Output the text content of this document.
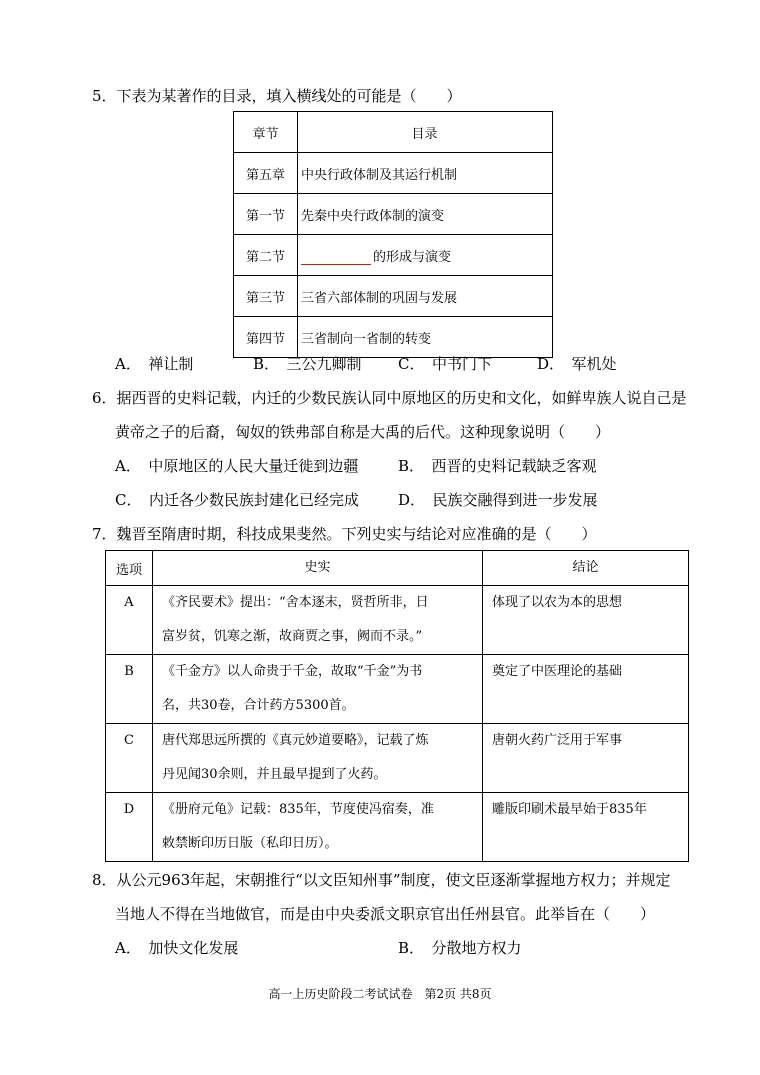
5．下表为某著作的目录，填入横线处的可能是（　　）
章节	目录
第五章	中央行政体制及其运行机制
第一节	先秦中央行政体制的演变
第二节	的形成与演变
第三节	三省六部体制的巩固与发展
第四节	三省制向一省制的转变
A．　禅让制	B．　三公九卿制 C．　中书门下	D．　军机处
6．据西晋的史料记载，内迁的少数民族认同中原地区的历史和文化，如鲜卑族人说自己是
黄帝之子的后裔，匈奴的铁弗部自称是大禹的后代。这种现象说明（　　）
A．　中原地区的人民大量迁徙到边疆	B．　西晋的史料记载缺乏客观
C．　内迁各少数民族封建化已经完成	D．　民族交融得到进一步发展
7．魏晋至隋唐时期，科技成果斐然。下列史实与结论对应准确的是（　　）
选项	史实	结论
A	《齐民要术》提出：“舍本逐末，贤哲所非，日
富岁贫，饥寒之渐，故商贾之事，阙而不录。”	体现了以农为本的思想
B	《千金方》以人命贵于千金，故取“千金”为书
名，共30卷，合计药方5300首。	奠定了中医理论的基础
C	唐代郑思远所撰的《真元妙道要略》，记载了炼
丹见闻30余则，并且最早提到了火药。	唐朝火药广泛用于军事
D	《册府元龟》记载：835年，节度使冯宿奏，准
敕禁断印历日版（私印日历）。	雕版印刷术最早始于835年
8．从公元963年起，宋朝推行“以文臣知州事”制度，使文臣逐渐掌握地方权力；并规定
当地人不得在当地做官，而是由中央委派文职京官出任州县官。此举旨在（　　）
A．　加快文化发展	B．　分散地方权力
高一上历史阶段二考试试卷　第2页 共8页
